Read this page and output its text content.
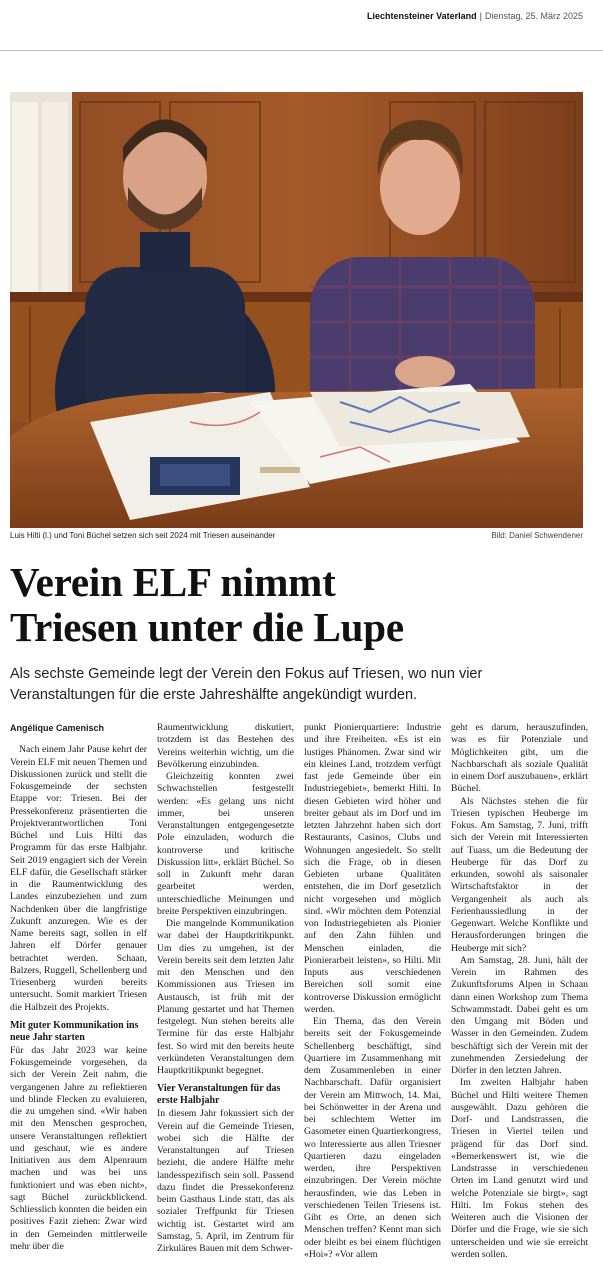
Liechtensteiner Vaterland | Dienstag, 25. März 2025
Luis Hilti (l.) und Toni Büchel setzen sich seit 2024 mit Triesen auseinander	Bild: Daniel Schwendener
Verein ELF nimmt
Triesen unter die Lupe

Als sechste Gemeinde legt der Verein den Fokus auf Triesen, wo nun vier Veranstaltungen für die erste Jahreshälfte angekündigt wurden.

Angélique Camenisch

Nach einem Jahr Pause kehrt der Verein ELF mit neuen Themen und Diskussionen zurück und stellt die Fokusgemeinde der sechsten Etappe vor: Triesen. Bei der Pressekonferenz präsentierten die Projektverantwortlichen Toni Büchel und Luis Hilti das Programm für das erste Halbjahr. Seit 2019 engagiert sich der Verein ELF dafür, die Gesellschaft stärker in die Raumentwicklung des Landes einzubeziehen und zum Nachdenken über die langfristige Zukunft anzuregen. Wie es der Name bereits sagt, sollen in elf Jahren elf Dörfer genauer betrachtet werden. Schaan, Balzers, Ruggell, Schellenberg und Triesenberg wurden bereits untersucht. Somit markiert Triesen die Halbzeit des Projekts.

Mit guter Kommunikation ins neue Jahr starten

Für das Jahr 2023 war keine Fokusgemeinde vorgesehen, da sich der Verein Zeit nahm, die vergangenen Jahre zu reflektieren und blinde Flecken zu evaluieren, die zu umgehen sind. «Wir haben mit den Menschen gesprochen, unsere Veranstaltungen reflektiert und geschaut, wie es andere Initiativen aus dem Alpenraum machen und was bei uns funktioniert und was eben nicht», sagt Büchel zurückblickend. Schliesslich konnten die beiden ein positives Fazit ziehen: Zwar wird in den Gemeinden mittlerweile mehr über die

Raumentwicklung diskutiert, trotzdem ist das Bestehen des Vereins weiterhin wichtig, um die Bevölkerung einzubinden.

Gleichzeitig konnten zwei Schwachstellen festgestellt werden: «Es gelang uns nicht immer, bei unseren Veranstaltungen entgegengesetzte Pole einzuladen, wodurch die kontroverse und kritische Diskussion litt», erklärt Büchel. So soll in Zukunft mehr daran gearbeitet werden, unterschiedliche Meinungen und breite Perspektiven einzubringen.

Die mangelnde Kommunikation war dabei der Hauptkritikpunkt. Um dies zu umgehen, ist der Verein bereits seit dem letzten Jahr mit den Menschen und den Kommissionen aus Triesen im Austausch, ist früh mit der Planung gestartet und hat Themen festgelegt. Nun stehen bereits alle Termine für das erste Halbjahr fest. So wird mit den bereits heute verkündeten Veranstaltungen dem Hauptkritikpunkt begegnet.

Vier Veranstaltungen für das erste Halbjahr

In diesem Jahr fokussiert sich der Verein auf die Gemeinde Triesen, wobei sich die Hälfte der Veranstaltungen auf Triesen bezieht, die andere Hälfte mehr landesspezifisch sein soll. Passend dazu findet die Pressekonferenz beim Gasthaus Linde statt, das als sozialer Treffpunkt für Triesen wichtig ist. Gestartet wird am Samstag, 5. April, im Zentrum für Zirkuläres Bauen mit dem Schwer-

punkt Pionierquartiere: Industrie und ihre Freiheiten. «Es ist ein lustiges Phänomen. Zwar sind wir ein kleines Land, trotzdem verfügt fast jede Gemeinde über ein Industriegebiet», bemerkt Hilti. In diesen Gebieten wird höher und breiter gebaut als im Dorf und im letzten Jahrzehnt haben sich dort Restaurants, Casinos, Clubs und Wohnungen angesiedelt. So stellt sich die Frage, ob in diesen Gebieten urbane Qualitäten entstehen, die im Dorf gesetzlich nicht vorgesehen und möglich sind. «Wir möchten dem Potenzial von Industriegebieten als Pionier auf den Zahn fühlen und Menschen einladen, die Pionierarbeit leisten», so Hilti. Mit Inputs aus verschiedenen Bereichen soll somit eine kontroverse Diskussion ermöglicht werden.

Ein Thema, das den Verein bereits seit der Fokusgemeinde Schellenberg beschäftigt, sind Quartiere im Zusammenhang mit dem Zusammenleben in einer Nachbarschaft. Dafür organisiert der Verein am Mittwoch, 14. Mai, bei Schönwetter in der Arena und bei schlechtem Wetter im Gasometer einen Quartierkongress, wo Interessierte aus allen Triesner Quartieren dazu eingeladen werden, ihre Perspektiven einzubringen. Der Verein möchte herausfinden, wie das Leben in verschiedenen Teilen Triesens ist. Gibt es Orte, an denen sich Menschen treffen? Kennt man sich oder bleibt es bei einem flüchtigen «Hoi»? «Vor allem

geht es darum, herauszufinden, was es für Potenziale und Möglichkeiten gibt, um die Nachbarschaft als soziale Qualität in einem Dorf auszubauen», erklärt Büchel.

Als Nächstes stehen die für Triesen typischen Heuberge im Fokus. Am Samstag, 7. Juni, trifft sich der Verein mit Interessierten auf Tuass, um die Bedeutung der Heuberge für das Dorf zu erkunden, sowohl als saisonaler Wirtschaftsfaktor in der Vergangenheit als auch als Ferienhaussiedlung in der Gegenwart. Welche Konflikte und Herausforderungen bringen die Heuberge mit sich?

Am Samstag, 28. Juni, hält der Verein im Rahmen des Zukunftsforums Alpen in Schaan dann einen Workshop zum Thema Schwammstadt. Dabei geht es um den Umgang mit Böden und Wasser in den Gemeinden. Zudem beschäftigt sich der Verein mit der zunehmenden Zersiedelung der Dörfer in den letzten Jahren.

Im zweiten Halbjahr haben Büchel und Hilti weitere Themen ausgewählt. Dazu gehören die Dorf- und Landstrassen, die Triesen in Viertel teilen und prägend für das Dorf sind. «Bemerkenswert ist, wie die Landstrasse in verschiedenen Orten im Land genutzt wird und welche Potenziale sie birgt», sagt Hilti. Im Fokus stehen des Weiteren auch die Visionen der Dörfer und die Frage, wie sie sich unterscheiden und wie sie erreicht werden sollen.
